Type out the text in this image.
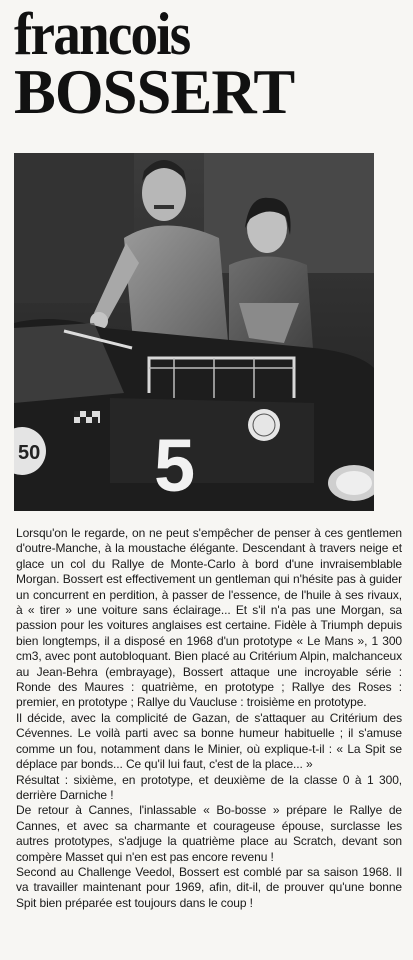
francois
BOSSERT
50 5

Lorsqu'on le regarde, on ne peut s'empêcher de penser à ces gentlemen d'outre-Manche, à la moustache élégante. Descendant à travers neige et glace un col du Rallye de Monte-Carlo à bord d'une invraisemblable Morgan. Bossert est effectivement un gentleman qui n'hésite pas à guider un concurrent en perdition, à passer de l'essence, de l'huile à ses rivaux, à « tirer » une voiture sans éclairage... Et s'il n'a pas une Morgan, sa passion pour les voitures anglaises est certaine. Fidèle à Triumph depuis bien longtemps, il a disposé en 1968 d'un prototype « Le Mans », 1 300 cm3, avec pont autobloquant. Bien placé au Critérium Alpin, malchanceux au Jean-Behra (embrayage), Bossert attaque une incroyable série : Ronde des Maures : quatrième, en prototype ; Rallye des Roses : premier, en prototype ; Rallye du Vaucluse : troisième en prototype.

Il décide, avec la complicité de Gazan, de s'attaquer au Critérium des Cévennes. Le voilà parti avec sa bonne humeur habituelle ; il s'amuse comme un fou, notamment dans le Minier, où explique-t-il : « La Spit se déplace par bonds... Ce qu'il lui faut, c'est de la place... »

Résultat : sixième, en prototype, et deuxième de la classe 0 à 1 300, derrière Darniche !

De retour à Cannes, l'inlassable « Bo-bosse » prépare le Rallye de Cannes, et avec sa charmante et courageuse épouse, surclasse les autres prototypes, s'adjuge la quatrième place au Scratch, devant son compère Masset qui n'en est pas encore revenu !

Second au Challenge Veedol, Bossert est comblé par sa saison 1968. Il va travailler maintenant pour 1969, afin, dit-il, de prouver qu'une bonne Spit bien préparée est toujours dans le coup !
